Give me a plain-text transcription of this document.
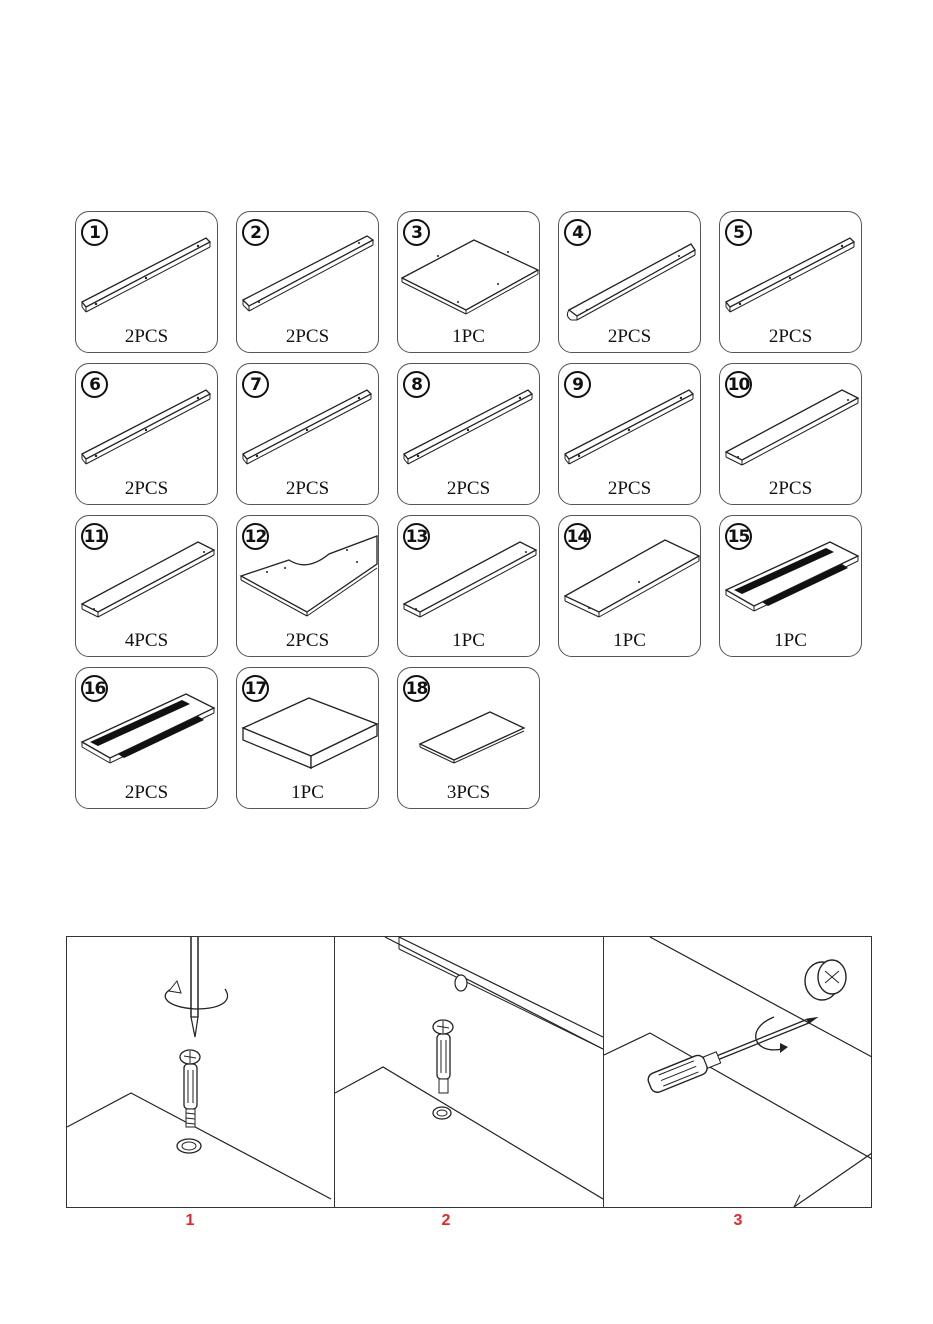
1
2PCS
2
2PCS
3
1PC
4
2PCS
5
2PCS
6
2PCS
7
2PCS
8
2PCS
9
2PCS
10
2PCS
11
4PCS
12
2PCS
13
1PC
14
1PC
15
1PC
16
2PCS
17
1PC
18
3PCS
1	2	3
